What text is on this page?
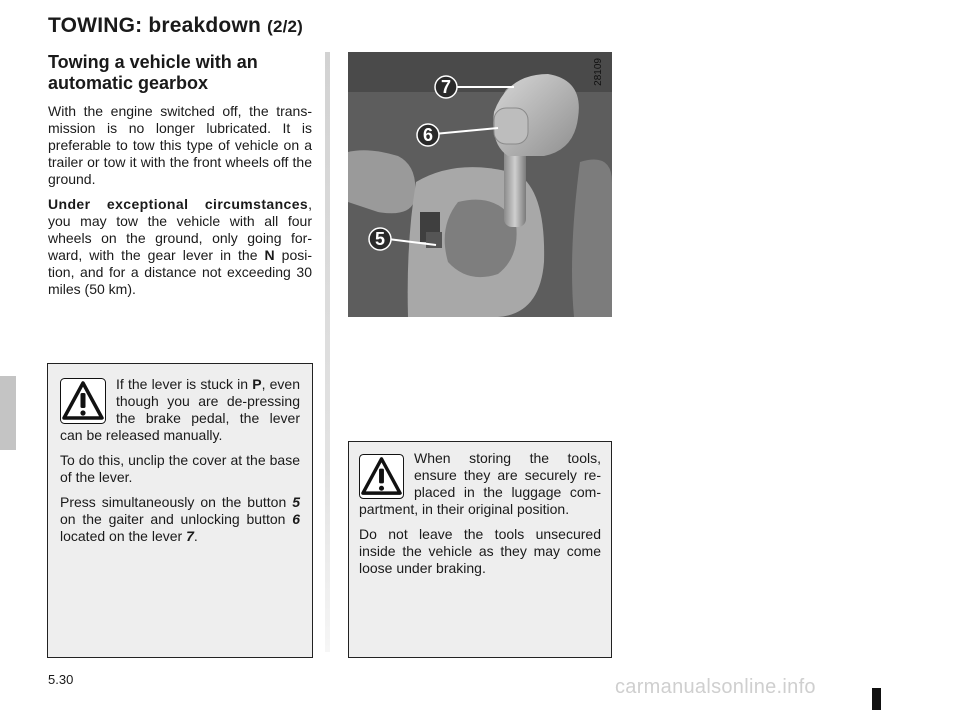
TOWING: breakdown (2/2)
Towing a vehicle with an automatic gearbox

With the engine switched off, the trans-mission is no longer lubricated. It is preferable to tow this type of vehicle on a trailer or tow it with the front wheels off the ground.

Under exceptional circumstances, you may tow the vehicle with all four wheels on the ground, only going for-ward, with the gear lever in the N posi-tion, and for a distance not exceeding 30 miles (50 km).

7
6
5
28109

If the lever is stuck in P, even though you are de-pressing the brake pedal, the lever can be released manually.

To do this, unclip the cover at the base of the lever.

Press simultaneously on the button 5 on the gaiter and unlocking button 6 located on the lever 7.

When storing the tools, ensure they are securely re-placed in the luggage com-partment, in their original position.

Do not leave the tools unsecured inside the vehicle as they may come loose under braking.

5.30	carmanualsonline.info
